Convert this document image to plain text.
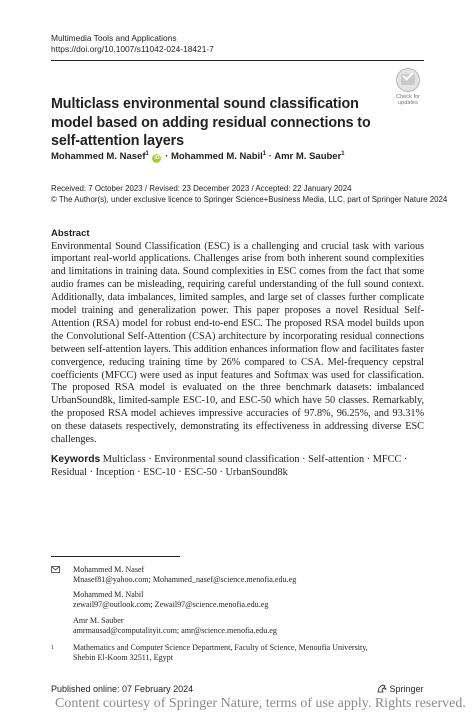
Multimedia Tools and Applications
https://doi.org/10.1007/s11042-024-18421-7
Check for
updates
Multiclass environmental sound classification model based on adding residual connections to self-attention layers
Mohammed M. Nasef$^1$ iD · Mohammed M. Nabil$^1$ · Amr M. Sauber$^1$
Received: 7 October 2023 / Revised: 23 December 2023 / Accepted: 22 January 2024
© The Author(s), under exclusive licence to Springer Science+Business Media, LLC, part of Springer Nature 2024
Abstract
Environmental Sound Classification (ESC) is a challenging and crucial task with various important real-world applications. Challenges arise from both inherent sound complexities and limitations in training data. Sound complexities in ESC comes from the fact that some audio frames can be misleading, requiring careful understanding of the full sound context. Additionally, data imbalances, limited samples, and large set of classes further complicate model training and generalization power. This paper proposes a novel Residual Self-Attention (RSA) model for robust end-to-end ESC. The proposed RSA model builds upon the Convolutional Self-Attention (CSA) architecture by incorporating residual connections between self-attention layers. This addition enhances information flow and facilitates faster convergence, reducing training time by 26% compared to CSA. Mel-frequency cepstral coefficients (MFCC) were used as input features and Softmax was used for classification. The proposed RSA model is evaluated on the three benchmark datasets: imbalanced UrbanSound8k, limited-sample ESC-10, and ESC-50 which have 50 classes. Remarkably, the proposed RSA model achieves impressive accuracies of 97.8%, 96.25%, and 93.31% on these datasets respectively, demonstrating its effectiveness in addressing diverse ESC challenges.
Keywords Multiclass · Environmental sound classification · Self-attention · MFCC · Residual · Inception · ESC-10 · ESC-50 · UrbanSound8k
Mohammed M. Nasef
Mnasef81@yahoo.com; Mohammed_nasef@science.menofia.edu.eg
Mohammed M. Nabil
zewail97@outlook.com; Zewail97@science.menofia.edu.eg
Amr M. Sauber
amrmausad@computalityit.com; amr@science.menofia.edu.eg
1 Mathematics and Computer Science Department, Faculty of Science, Menoufia University,
Shebin El-Koom 32511, Egypt
Published online: 07 February 2024	Springer
Content courtesy of Springer Nature, terms of use apply. Rights reserved.
